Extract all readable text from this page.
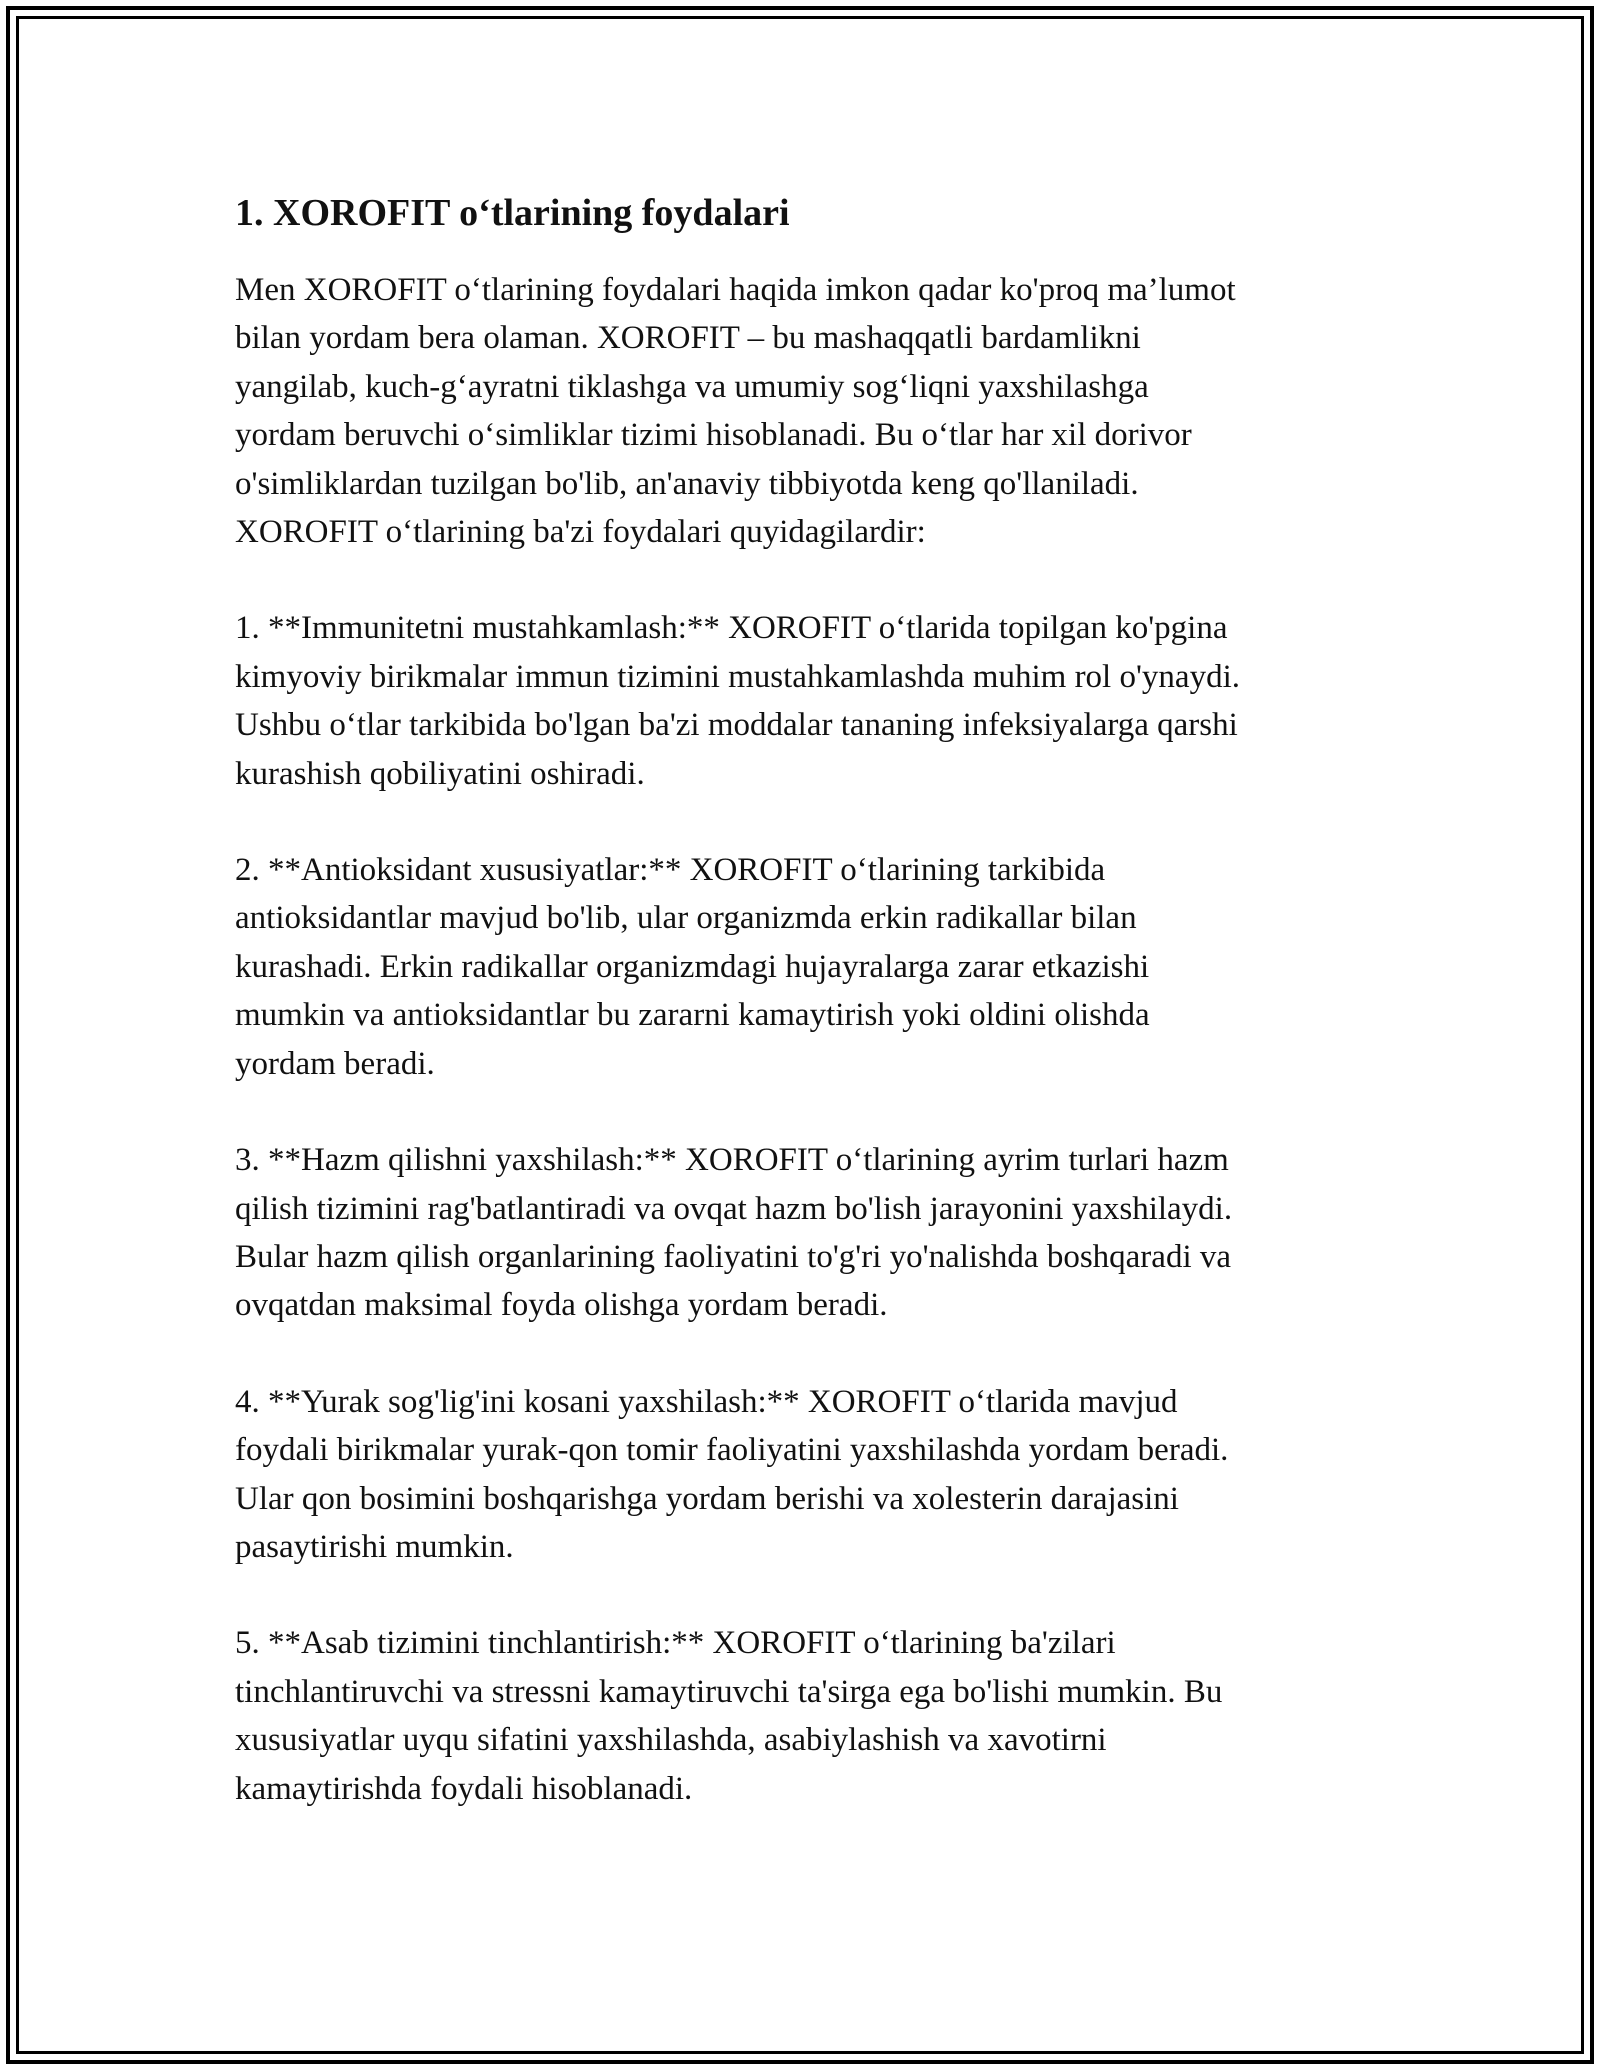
1. XOROFIT o‘tlarining foydalari

Men XOROFIT o‘tlarining foydalari haqida imkon qadar ko'proq ma’lumot
bilan yordam bera olaman. XOROFIT – bu mashaqqatli bardamlikni
yangilab, kuch-g‘ayratni tiklashga va umumiy sog‘liqni yaxshilashga
yordam beruvchi o‘simliklar tizimi hisoblanadi. Bu o‘tlar har xil dorivor
o'simliklardan tuzilgan bo'lib, an'anaviy tibbiyotda keng qo'llaniladi.
XOROFIT o‘tlarining ba'zi foydalari quyidagilardir:

1. **Immunitetni mustahkamlash:** XOROFIT o‘tlarida topilgan ko'pgina
kimyoviy birikmalar immun tizimini mustahkamlashda muhim rol o'ynaydi.
Ushbu o‘tlar tarkibida bo'lgan ba'zi moddalar tananing infeksiyalarga qarshi
kurashish qobiliyatini oshiradi.

2. **Antioksidant xususiyatlar:** XOROFIT o‘tlarining tarkibida
antioksidantlar mavjud bo'lib, ular organizmda erkin radikallar bilan
kurashadi. Erkin radikallar organizmdagi hujayralarga zarar etkazishi
mumkin va antioksidantlar bu zararni kamaytirish yoki oldini olishda
yordam beradi.

3. **Hazm qilishni yaxshilash:** XOROFIT o‘tlarining ayrim turlari hazm
qilish tizimini rag'batlantiradi va ovqat hazm bo'lish jarayonini yaxshilaydi.
Bular hazm qilish organlarining faoliyatini to'g'ri yo'nalishda boshqaradi va
ovqatdan maksimal foyda olishga yordam beradi.

4. **Yurak sog'lig'ini kosani yaxshilash:** XOROFIT o‘tlarida mavjud
foydali birikmalar yurak-qon tomir faoliyatini yaxshilashda yordam beradi.
Ular qon bosimini boshqarishga yordam berishi va xolesterin darajasini
pasaytirishi mumkin.

5. **Asab tizimini tinchlantirish:** XOROFIT o‘tlarining ba'zilari
tinchlantiruvchi va stressni kamaytiruvchi ta'sirga ega bo'lishi mumkin. Bu
xususiyatlar uyqu sifatini yaxshilashda, asabiylashish va xavotirni
kamaytirishda foydali hisoblanadi.
